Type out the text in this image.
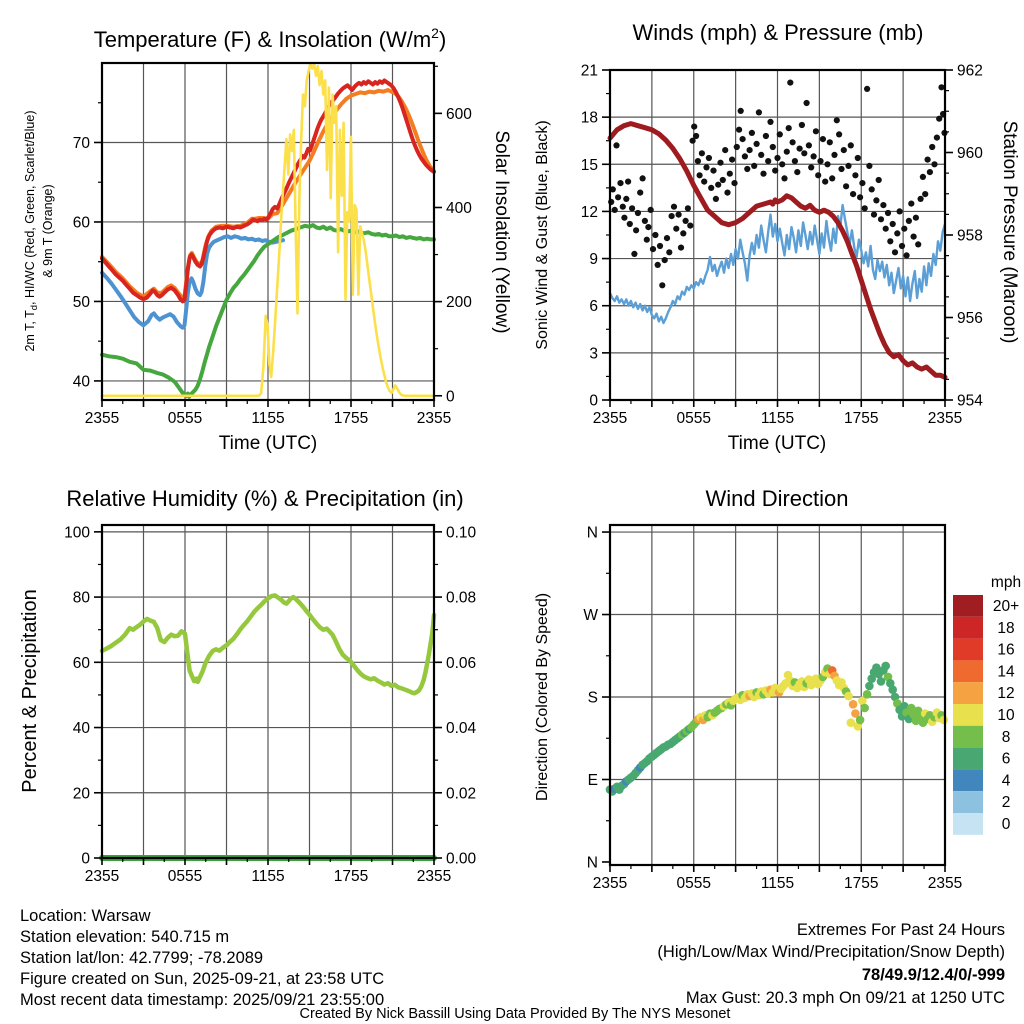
2355	0555	1155	1755	2355
40
50
60
70
0
200
400
600
2355	0555	1155	1755	2355
0
3
6
9
12
15
18
21
954
956
958
960
962
2355	0555	1155	1755	2355
0
20
40
60
80
100
0.00
0.02
0.04
0.06
0.08
0.10
2355	0555	1155	1755	2355
N
W
S
E
N
20+
18
16
14
12
10
8
6
4
2
0
Temperature (F) & Insolation $(W/m^2)$	Winds (mph) & Pressure (mb)
Relative Humidity (%) & Precipitation (in)	Wind Direction
2m T, $T_d$, HI/WC (Red, Green, Scarlet/Blue) & 9m T (Orange)	Solar Insolation (Yellow)
Time (UTC)
Sonic Wind & Gust (Blue, Black)	Station Pressure (Maroon)
Time (UTC)
Percent & Precipitation	Direction (Colored By Speed)
mph
Location: Warsaw
Station elevation: 540.715 m
Station lat/lon: 42.7799; -78.2089
Figure created on Sun, 2025-09-21, at 23:58 UTC
Most recent data timestamp: 2025/09/21 23:55:00
Extremes For Past 24 Hours
(High/Low/Max Wind/Precipitation/Snow Depth)
78/49.9/12.4/0/-999
Max Gust: 20.3 mph On 09/21 at 1250 UTC
Created By Nick Bassill Using Data Provided By The NYS Mesonet
